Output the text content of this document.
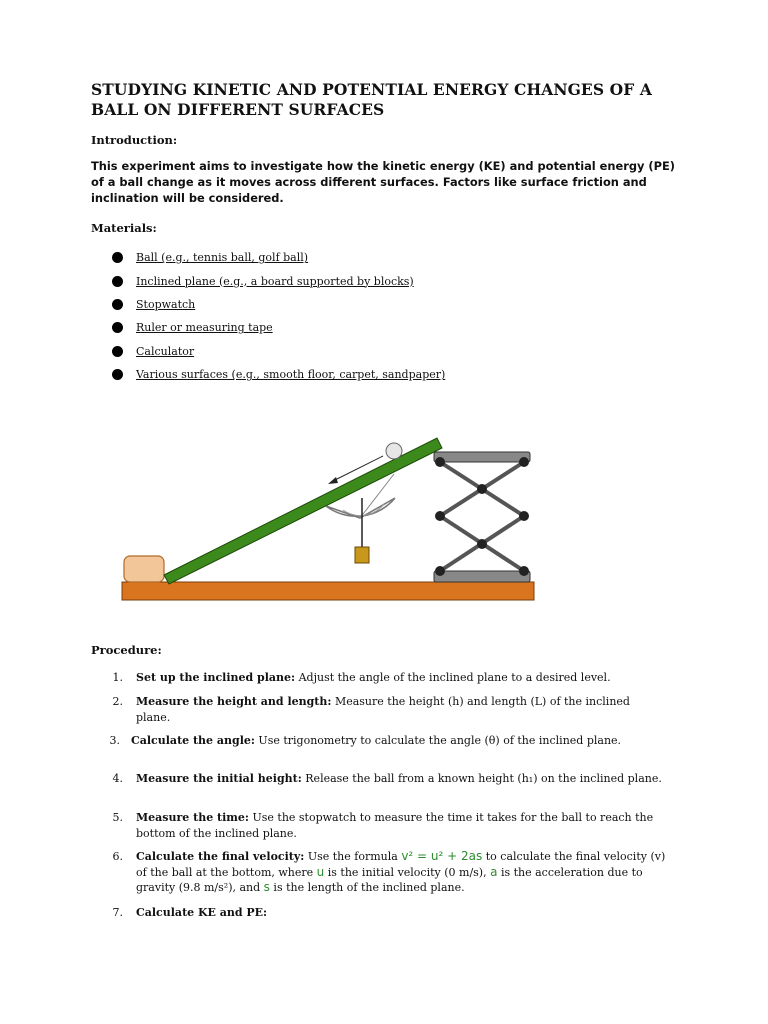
STUDYING KINETIC AND POTENTIAL ENERGY CHANGES OF A BALL ON DIFFERENT SURFACES

Introduction:

This experiment aims to investigate how the kinetic energy (KE) and potential energy (PE) of a ball change as it moves across different surfaces. Factors like surface friction and inclination will be considered.

Materials:

Ball (e.g., tennis ball, golf ball)
Inclined plane (e.g., a board supported by blocks)
Stopwatch
Ruler or measuring tape
Calculator
Various surfaces (e.g., smooth floor, carpet, sandpaper)

Procedure:

1. Set up the inclined plane: Adjust the angle of the inclined plane to a desired level.
2. Measure the height and length: Measure the height (h) and length (L) of the inclined plane.
3. Calculate the angle: Use trigonometry to calculate the angle (θ) of the inclined plane.
4. Measure the initial height: Release the ball from a known height (h₁) on the inclined plane.
5. Measure the time: Use the stopwatch to measure the time it takes for the ball to reach the bottom of the inclined plane.
6. Calculate the final velocity: Use the formula v² = u² + 2as to calculate the final velocity (v) of the ball at the bottom, where u is the initial velocity (0 m/s), a is the acceleration due to gravity (9.8 m/s²), and s is the length of the inclined plane.
7. Calculate KE and PE:
